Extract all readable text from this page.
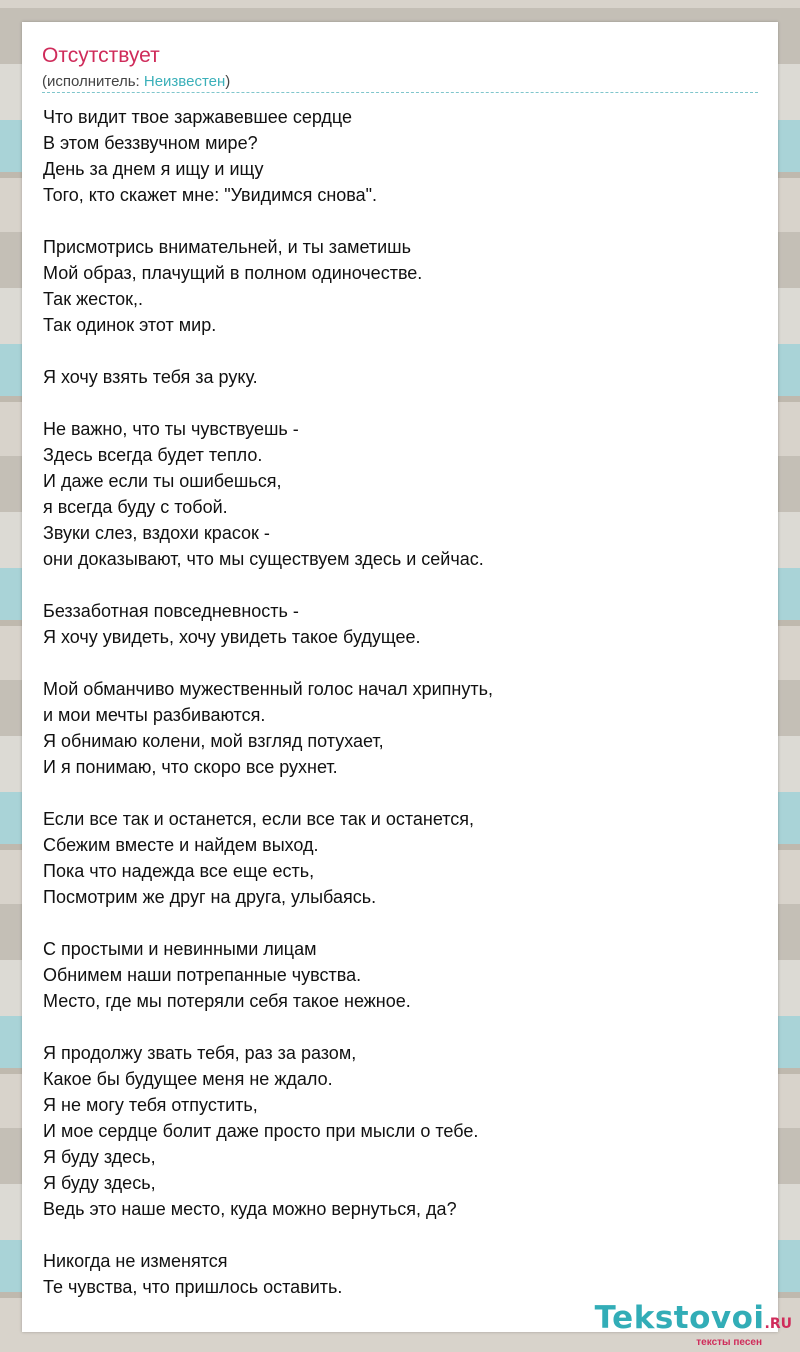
Отсутствует
(исполнитель: Неизвестен)
Что видит твое заржавевшее сердце
В этом беззвучном мире?
День за днем я ищу и ищу
Того, кто скажет мне: "Увидимся снова".
Присмотрись внимательней, и ты заметишь
Мой образ, плачущий в полном одиночестве.
Так жесток,.
Так одинок этот мир.
Я хочу взять тебя за руку.
Не важно, что ты чувствуешь -
Здесь всегда будет тепло.
И даже если ты ошибешься,
я всегда буду с тобой.
Звуки слез, вздохи красок -
они доказывают, что мы существуем здесь и сейчас.
Беззаботная повседневность -
Я хочу увидеть, хочу увидеть такое будущее.
Мой обманчиво мужественный голос начал хрипнуть,
и мои мечты разбиваются.
Я обнимаю колени, мой взгляд потухает,
И я понимаю, что скоро все рухнет.
Если все так и останется, если все так и останется,
Сбежим вместе и найдем выход.
Пока что надежда все еще есть,
Посмотрим же друг на друга, улыбаясь.
С простыми и невинными лицам
Обнимем наши потрепанные чувства.
Место, где мы потеряли себя такое нежное.
Я продолжу звать тебя, раз за разом,
Какое бы будущее меня не ждало.
Я не могу тебя отпустить,
И мое сердце болит даже просто при мысли о тебе.
Я буду здесь,
Я буду здесь,
Ведь это наше место, куда можно вернуться, да?
Никогда не изменятся
Те чувства, что пришлось оставить.
Tekstovoi.RU
тексты песен
